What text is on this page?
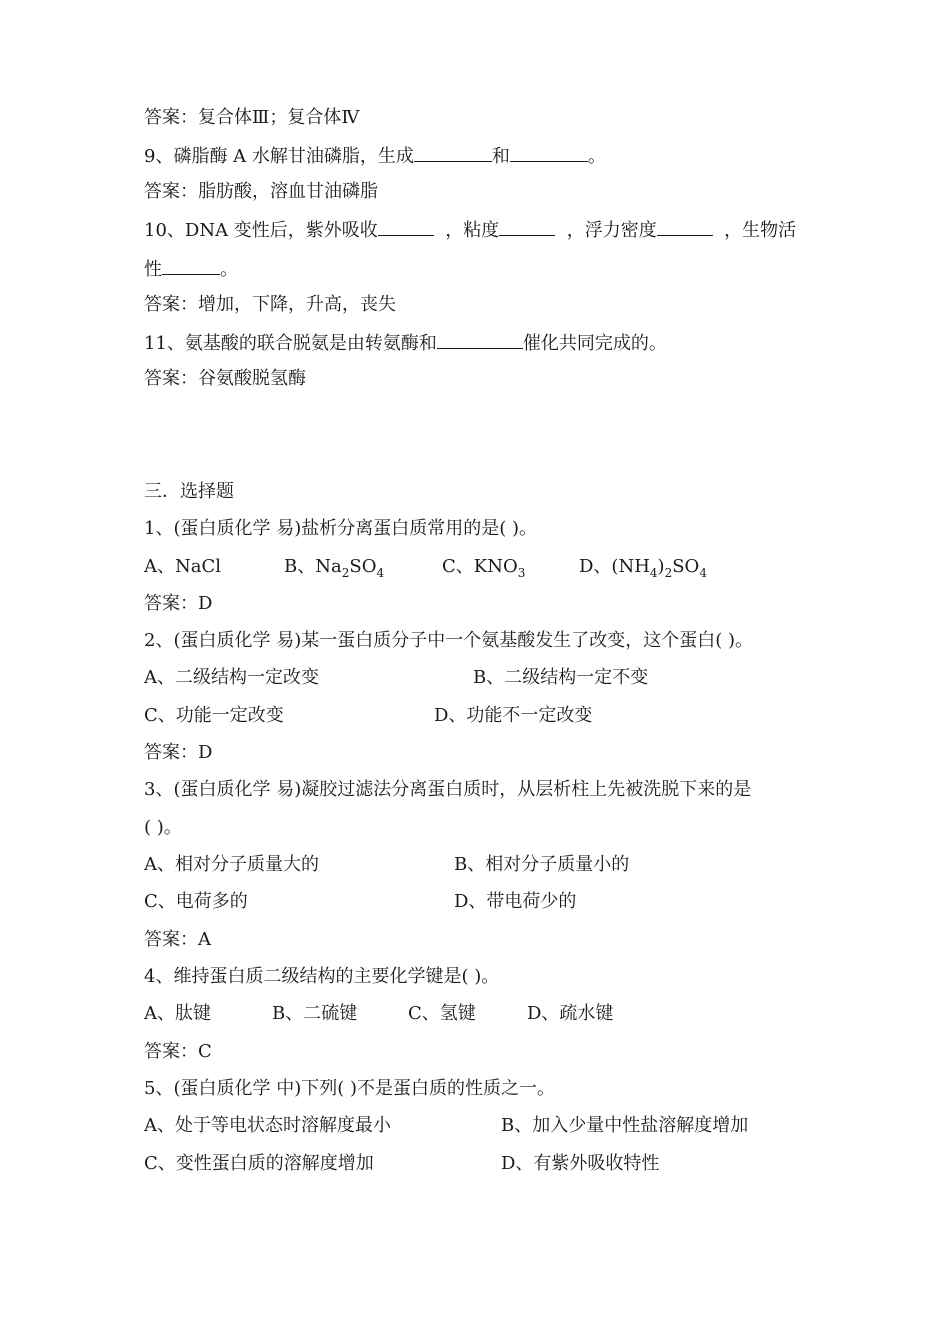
答案：复合体Ⅲ；复合体Ⅳ
9、磷脂酶 A 水解甘油磷脂，生成	和	。
答案：脂肪酸，溶血甘油磷脂
10、DNA 变性后，紫外吸收	，粘度	，浮力密度	，生物活
性	。
答案：增加，下降，升高，丧失
11、氨基酸的联合脱氨是由转氨酶和	催化共同完成的。
答案：谷氨酸脱氢酶
三．选择题
1、(蛋白质化学 易)盐析分离蛋白质常用的是( )。
A、NaCl	B、$Na_2SO_4$	C、$KNO_3$	D、$(NH_4)_2SO_4$
答案：D
2、(蛋白质化学 易)某一蛋白质分子中一个氨基酸发生了改变，这个蛋白( )。
A、二级结构一定改变	B、二级结构一定不变
C、功能一定改变	D、功能不一定改变
答案：D
3、(蛋白质化学 易)凝胶过滤法分离蛋白质时，从层析柱上先被洗脱下来的是
( )。
A、相对分子质量大的	B、相对分子质量小的
C、电荷多的	D、带电荷少的
答案：A
4、维持蛋白质二级结构的主要化学键是( )。
A、肽键	B、二硫键	C、氢键	D、疏水键
答案：C
5、(蛋白质化学 中)下列( )不是蛋白质的性质之一。
A、处于等电状态时溶解度最小	B、加入少量中性盐溶解度增加
C、变性蛋白质的溶解度增加	D、有紫外吸收特性
